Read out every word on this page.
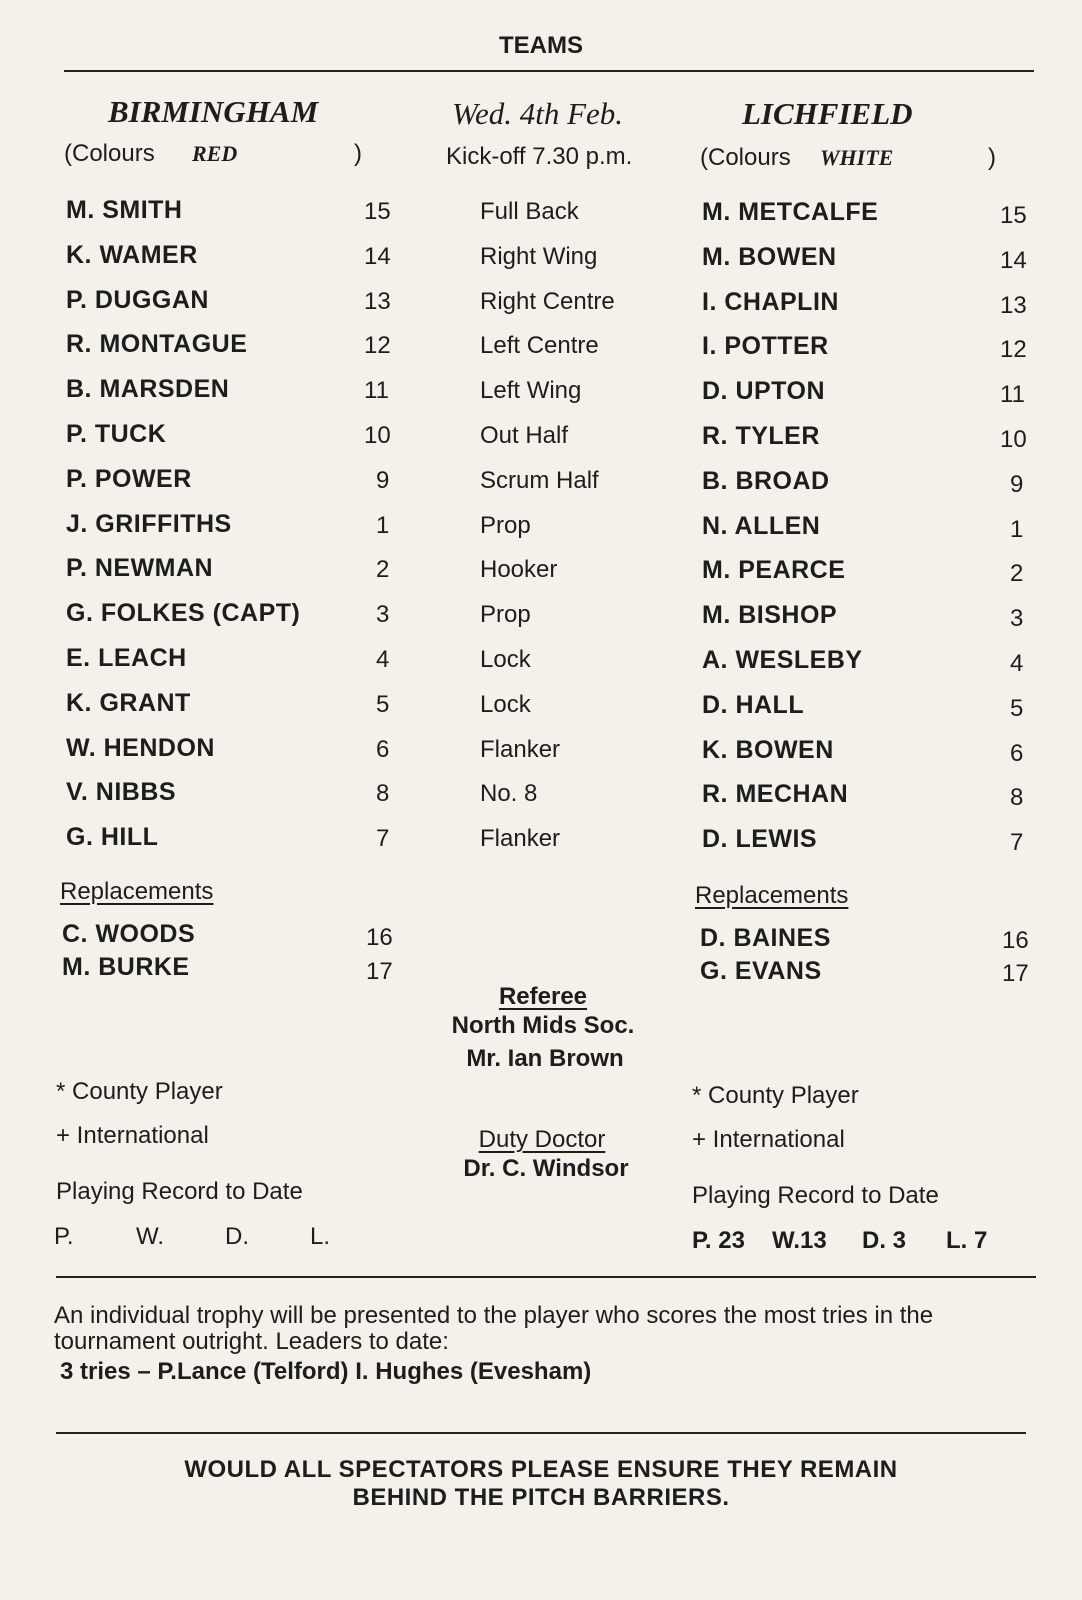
TEAMS
BIRMINGHAM	Wed. 4th Feb.	LICHFIELD
(Colours RED	)	Kick-off 7.30 p.m.	(Colours WHITE	)
M. SMITH	15	Full Back	M. METCALFE	15
K. WAMER	14	Right Wing	M. BOWEN	14
P. DUGGAN	13	Right Centre	I. CHAPLIN	13
R. MONTAGUE	12	Left Centre	I. POTTER	12
B. MARSDEN	11	Left Wing	D. UPTON	11
P. TUCK	10	Out Half	R. TYLER	10
P. POWER	9	Scrum Half	B. BROAD	9
J. GRIFFITHS	1	Prop	N. ALLEN	1
P. NEWMAN	2	Hooker	M. PEARCE	2
G. FOLKES (CAPT)	3	Prop	M. BISHOP	3
E. LEACH	4	Lock	A. WESLEBY	4
K. GRANT	5	Lock	D. HALL	5
W. HENDON	6	Flanker	K. BOWEN	6
V. NIBBS	8	No. 8	R. MECHAN	8
G. HILL	7	Flanker	D. LEWIS	7
Replacements
C. WOODS	16
M. BURKE	17
Replacements
D. BAINES	16
G. EVANS	17
Referee
North Mids Soc.
Mr. Ian Brown
Duty Doctor
Dr. C. Windsor
* County Player
+ International
Playing Record to Date
P.	W.	D.	L.
* County Player
+ International
Playing Record to Date
P. 23 W.13 D. 3 L. 7
An individual trophy will be presented to the player who scores the most tries in the
tournament outright. Leaders to date:
3 tries – P.Lance (Telford) I. Hughes (Evesham)
WOULD ALL SPECTATORS PLEASE ENSURE THEY REMAIN
BEHIND THE PITCH BARRIERS.
